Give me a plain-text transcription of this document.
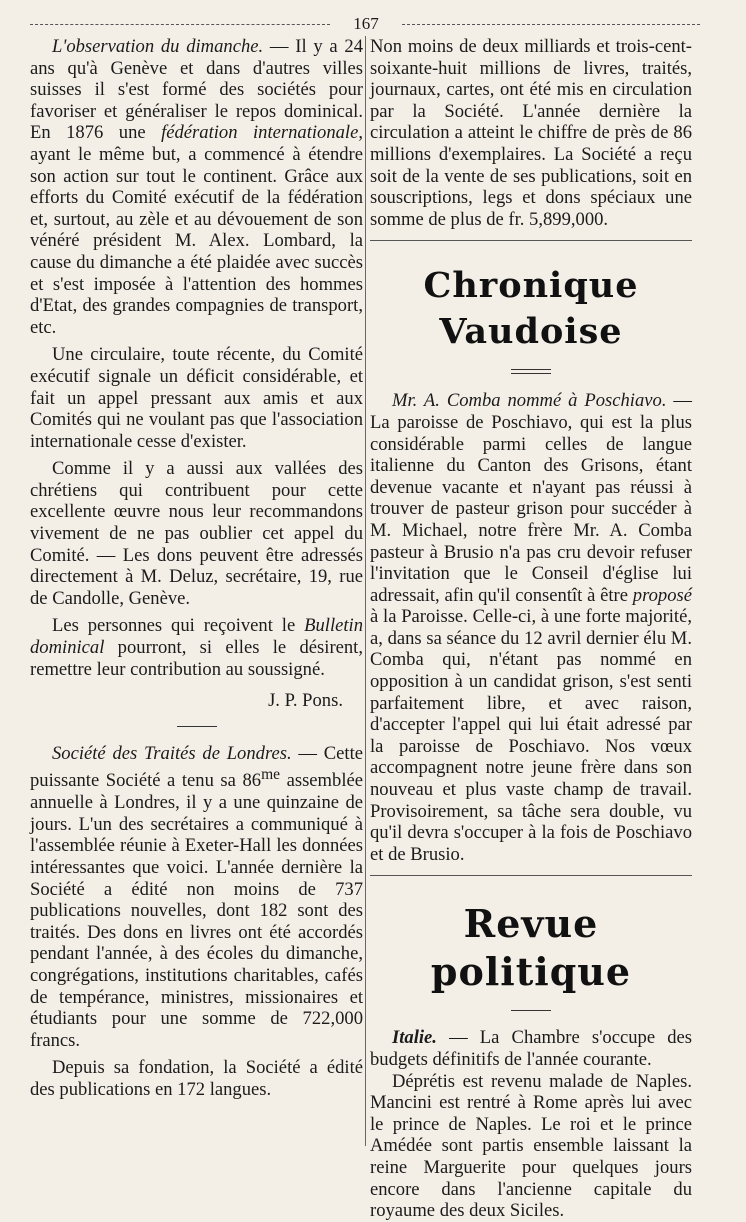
167

L'observation du dimanche. — Il y a 24 ans qu'à Genève et dans d'autres villes suisses il s'est formé des sociétés pour favoriser et généraliser le repos dominical. En 1876 une fédération internationale, ayant le même but, a commencé à étendre son action sur tout le continent. Grâce aux efforts du Comité exécutif de la fédération et, surtout, au zèle et au dévouement de son vénéré président M. Alex. Lombard, la cause du dimanche a été plaidée avec succès et s'est imposée à l'attention des hommes d'Etat, des grandes compagnies de transport, etc.

Une circulaire, toute récente, du Comité exécutif signale un déficit considérable, et fait un appel pressant aux amis et aux Comités qui ne voulant pas que l'association internationale cesse d'exister.

Comme il y a aussi aux vallées des chrétiens qui contribuent pour cette excellente œuvre nous leur recommandons vivement de ne pas oublier cet appel du Comité. — Les dons peuvent être adressés directement à M. Deluz, secrétaire, 19, rue de Candolle, Genève.

Les personnes qui reçoivent le Bulletin dominical pourront, si elles le désirent, remettre leur contribution au soussigné.

J. P. Pons.

Société des Traités de Londres. — Cette puissante Société a tenu sa $86^{me}$ assemblée annuelle à Londres, il y a une quinzaine de jours. L'un des secrétaires a communiqué à l'assemblée réunie à Exeter-Hall les données intéressantes que voici. L'année dernière la Société a édité non moins de 737 publications nouvelles, dont 182 sont des traités. Des dons en livres ont été accordés pendant l'année, à des écoles du dimanche, congrégations, institutions charitables, cafés de tempérance, ministres, missionaires et étudiants pour une somme de 722,000 francs.

Depuis sa fondation, la Société a édité des publications en 172 langues.

Non moins de deux milliards et trois-cent-soixante-huit millions de livres, traités, journaux, cartes, ont été mis en circulation par la Société. L'année dernière la circulation a atteint le chiffre de près de 86 millions d'exemplaires. La Société a reçu soit de la vente de ses publications, soit en souscriptions, legs et dons spéciaux une somme de plus de fr. 5,899,000.

Chronique Vaudoise

Mr. A. Comba nommé à Poschiavo. — La paroisse de Poschiavo, qui est la plus considérable parmi celles de langue italienne du Canton des Grisons, étant devenue vacante et n'ayant pas réussi à trouver de pasteur grison pour succéder à M. Michael, notre frère Mr. A. Comba pasteur à Brusio n'a pas cru devoir refuser l'invitation que le Conseil d'église lui adressait, afin qu'il consentît à être proposé à la Paroisse. Celle-ci, à une forte majorité, a, dans sa séance du 12 avril dernier élu M. Comba qui, n'étant pas nommé en opposition à un candidat grison, s'est senti parfaitement libre, et avec raison, d'accepter l'appel qui lui était adressé par la paroisse de Poschiavo. Nos vœux accompagnent notre jeune frère dans son nouveau et plus vaste champ de travail. Provisoirement, sa tâche sera double, vu qu'il devra s'occuper à la fois de Poschiavo et de Brusio.

Revue politique

Italie. — La Chambre s'occupe des budgets définitifs de l'année courante.

Déprétis est revenu malade de Naples. Mancini est rentré à Rome après lui avec le prince de Naples. Le roi et le prince Amédée sont partis ensemble laissant la reine Marguerite pour quelques jours encore dans l'ancienne capitale du royaume des deux Siciles.
